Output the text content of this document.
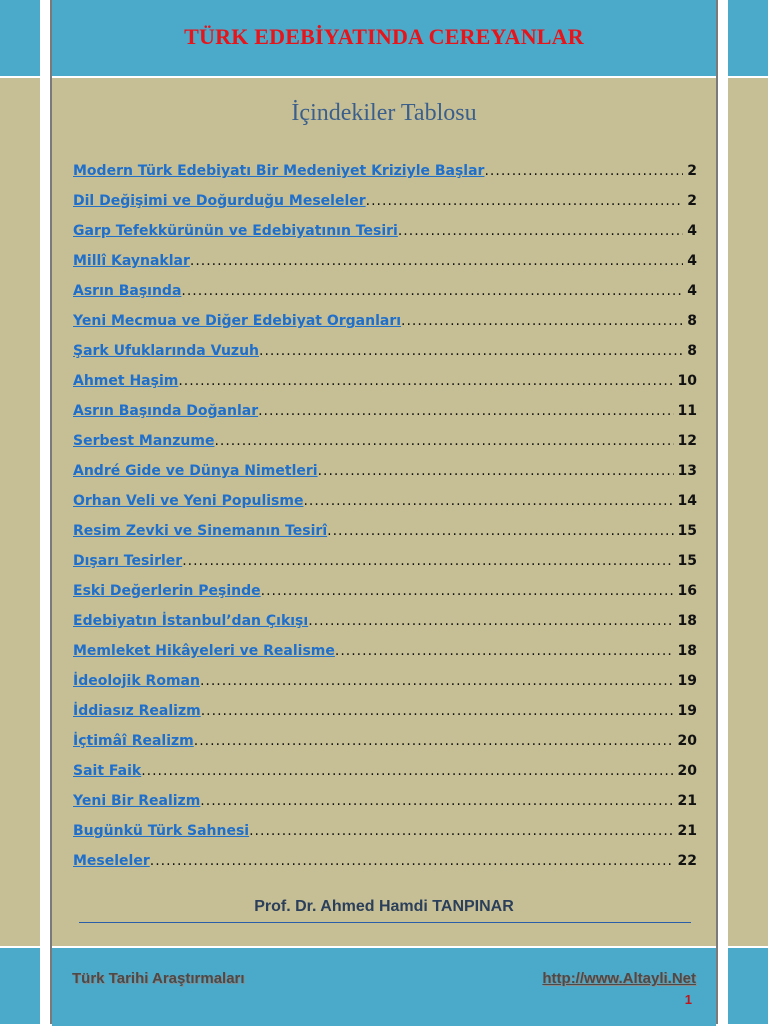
TÜRK EDEBİYATINDA CEREYANLAR
İçindekiler Tablosu
Modern Türk Edebiyatı Bir Medeniyet Kriziyle Başlar .....	2
Dil Değişimi ve Doğurduğu Meseleler .....	2
Garp Tefekkürünün ve Edebiyatının Tesiri .....	4
Millî Kaynaklar .....	4
Asrın Başında .....	4
Yeni Mecmua ve Diğer Edebiyat Organları .....	8
Şark Ufuklarında Vuzuh .....	8
Ahmet Haşim .....	10
Asrın Başında Doğanlar .....	11
Serbest Manzume .....	12
André Gide ve Dünya Nimetleri .....	13
Orhan Veli ve Yeni Populisme .....	14
Resim Zevki ve Sinemanın Tesirî .....	15
Dışarı Tesirler .....	15
Eski Değerlerin Peşinde .....	16
Edebiyatın İstanbul’dan Çıkışı .....	18
Memleket Hikâyeleri ve Realisme .....	18
İdeolojik Roman .....	19
İddiasız Realizm .....	19
İçtimâî Realizm .....	20
Sait Faik .....	20
Yeni Bir Realizm .....	21
Bugünkü Türk Sahnesi .....	21
Meseleler .....	22
Prof. Dr. Ahmed Hamdi TANPINAR
Türk Tarihi Araştırmaları	http://www.Altayli.Net
1
